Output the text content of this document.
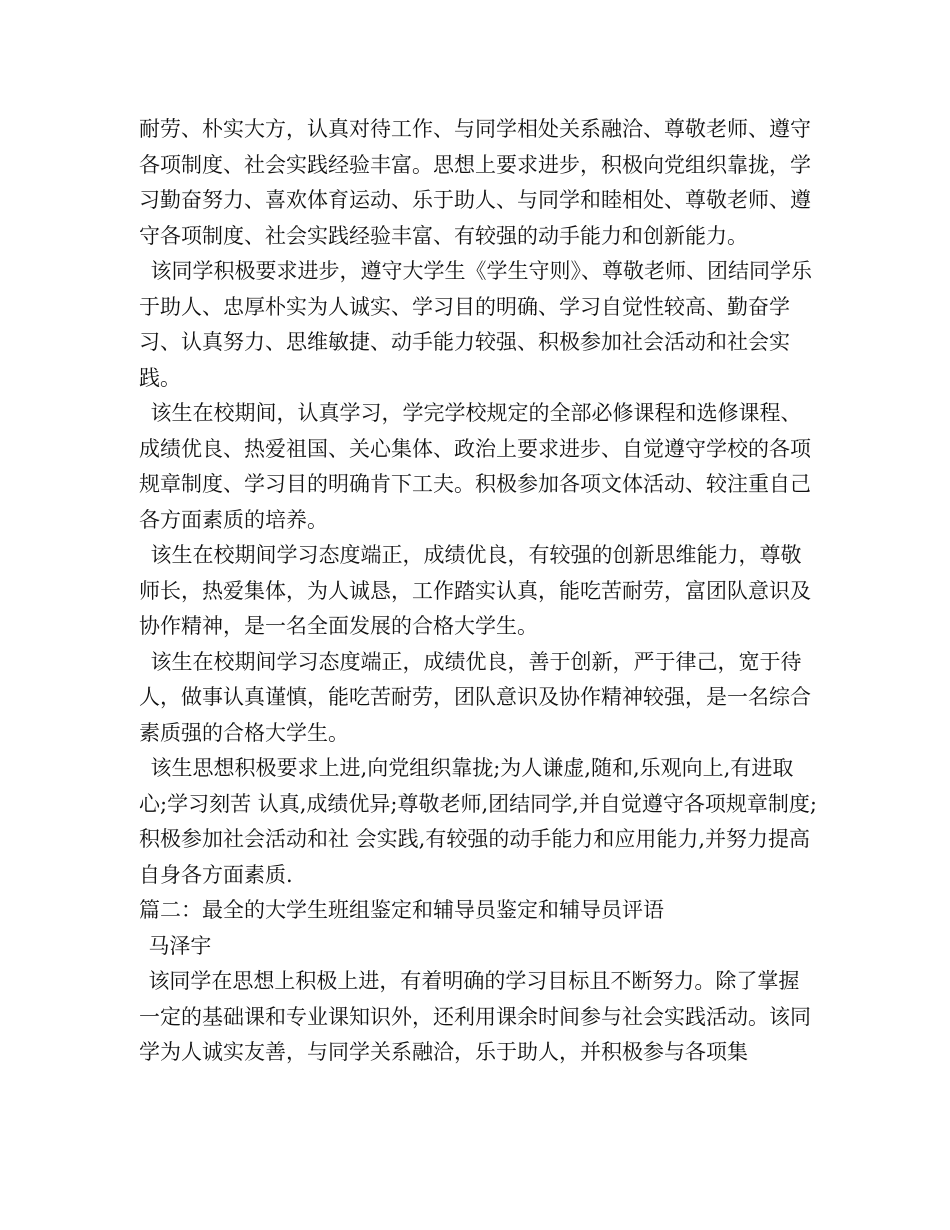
耐劳、朴实大方，认真对待工作、与同学相处关系融洽、尊敬老师、遵守各项制度、社会实践经验丰富。思想上要求进步，积极向党组织靠拢，学习勤奋努力、喜欢体育运动、乐于助人、与同学和睦相处、尊敬老师、遵守各项制度、社会实践经验丰富、有较强的动手能力和创新能力。

该同学积极要求进步，遵守大学生《学生守则》、尊敬老师、团结同学乐于助人、忠厚朴实为人诚实、学习目的明确、学习自觉性较高、勤奋学习、认真努力、思维敏捷、动手能力较强、积极参加社会活动和社会实践。

该生在校期间，认真学习，学完学校规定的全部必修课程和选修课程、成绩优良、热爱祖国、关心集体、政治上要求进步、自觉遵守学校的各项规章制度、学习目的明确肯下工夫。积极参加各项文体活动、较注重自己各方面素质的培养。

该生在校期间学习态度端正，成绩优良，有较强的创新思维能力，尊敬师长，热爱集体，为人诚恳，工作踏实认真，能吃苦耐劳，富团队意识及协作精神，是一名全面发展的合格大学生。

该生在校期间学习态度端正，成绩优良，善于创新，严于律己，宽于待人，做事认真谨慎，能吃苦耐劳，团队意识及协作精神较强，是一名综合素质强的合格大学生。

该生思想积极要求上进,向党组织靠拢;为人谦虚,随和,乐观向上,有进取心;学习刻苦 认真,成绩优异;尊敬老师,团结同学,并自觉遵守各项规章制度;积极参加社会活动和社 会实践,有较强的动手能力和应用能力,并努力提高自身各方面素质.

篇二：最全的大学生班组鉴定和辅导员鉴定和辅导员评语

马泽宇

该同学在思想上积极上进，有着明确的学习目标且不断努力。除了掌握一定的基础课和专业课知识外，还利用课余时间参与社会实践活动。该同学为人诚实友善，与同学关系融洽，乐于助人，并积极参与各项集
